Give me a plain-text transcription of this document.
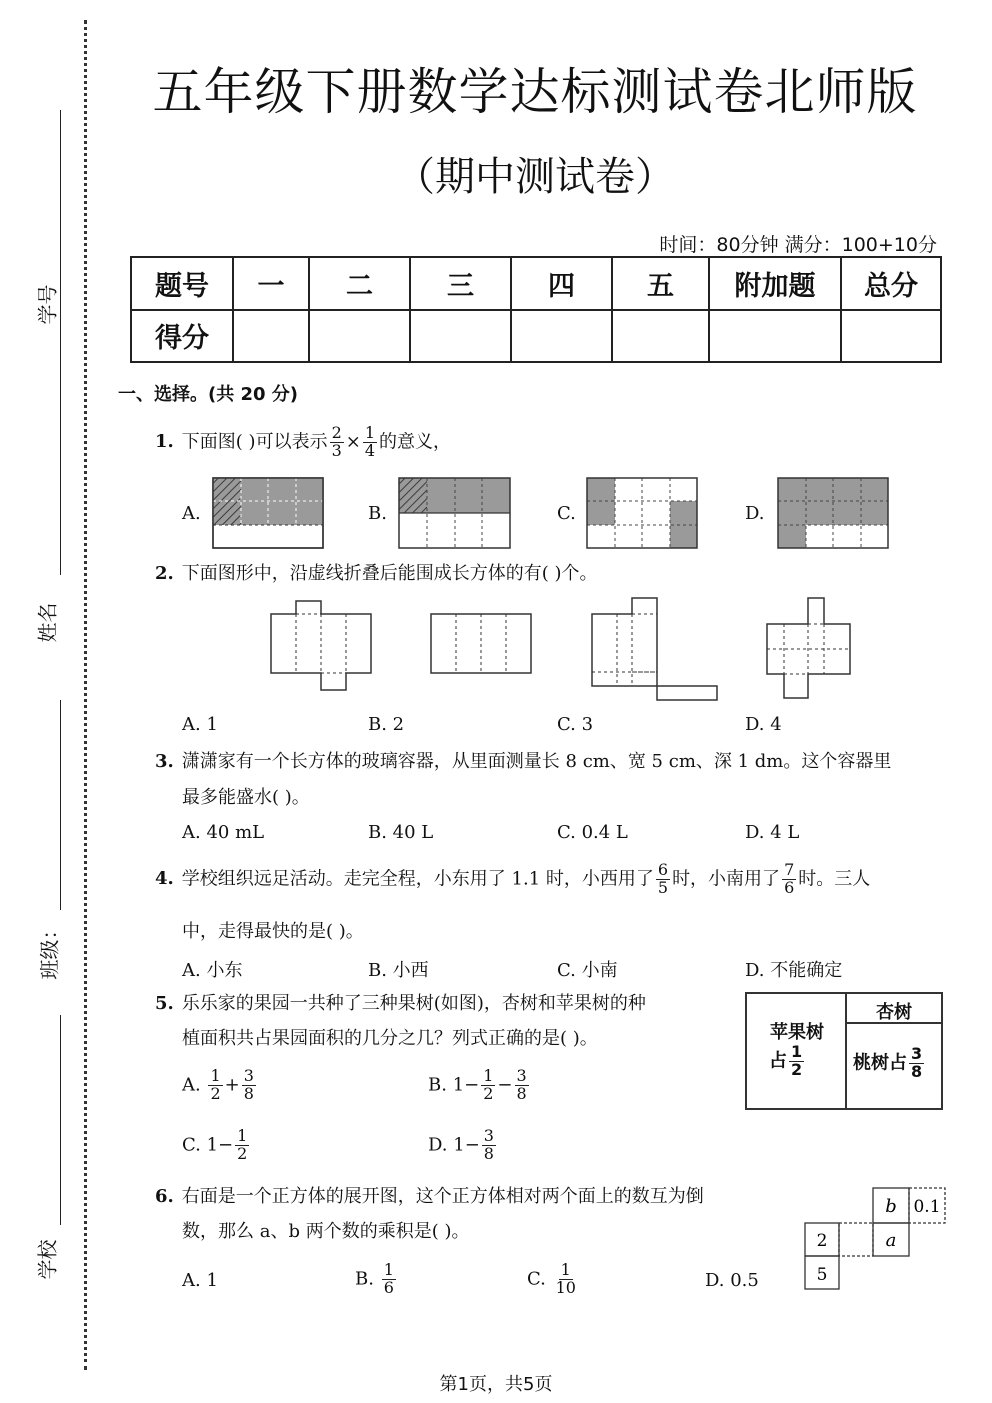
学号
姓名
班级：
学校
五年级下册数学达标测试卷北师版
（期中测试卷）
时间：80分钟 满分：100+10分
题号	一	二	三	四	五	附加题	总分
得分							
一、选择。(共 20 分)
1. 下面图( )可以表示 $\frac{2}{3} \times \frac{1}{4}$ 的意义，
A.	B.	C.	D.
2. 下面图形中，沿虚线折叠后能围成长方体的有( )个。
A. 1	B. 2	C. 3	D. 4
3. 潇潇家有一个长方体的玻璃容器，从里面测量长 8 cm、宽 5 cm、深 1 dm。这个容器里
最多能盛水( )。
A. 40 mL	B. 40 L	C. 0.4 L	D. 4 L
4. 学校组织远足活动。走完全程，小东用了 1.1 时，小西用了 $\frac{6}{5}$ 时，小南用了 $\frac{7}{6}$ 时。三人
中，走得最快的是( )。
A. 小东	B. 小西	C. 小南	D. 不能确定
5. 乐乐家的果园一共种了三种果树(如图)，杏树和苹果树的种
植面积共占果园面积的几分之几？列式正确的是( )。	苹果树
占 $\frac{1}{2}$
杏树
桃树占 $\frac{3}{8}$
A. $\frac{1}{2} + \frac{3}{8}$	B. $1- \frac{1}{2} - \frac{3}{8}$
C. $1- \frac{1}{2}$	D. $1- \frac{3}{8}$
6. 右面是一个正方体的展开图，这个正方体相对两个面上的数互为倒
数，那么 a、b 两个数的乘积是( )。
b 0.1
2	a
5
A. 1	B. $\frac{1}{6}$	C. $\frac{1}{10}$	D. 0.5
第1页，共5页
